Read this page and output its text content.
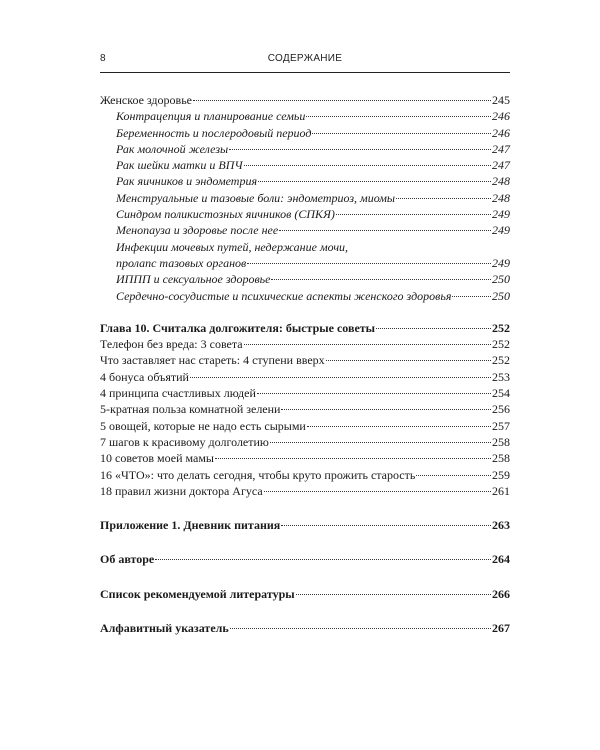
8	СОДЕРЖАНИЕ
Женское здоровье	245
Контрацепция и планирование семьи	246
Беременность и послеродовый период	246
Рак молочной железы	247
Рак шейки матки и ВПЧ	247
Рак яичников и эндометрия	248
Менструальные и тазовые боли: эндометриоз, миомы	248
Синдром поликистозных яичников (СПКЯ)	249
Менопауза и здоровье после нее	249
Инфекции мочевых путей, недержание мочи,
пролапс тазовых органов	249
ИППП и сексуальное здоровье	250
Сердечно-сосудистые и психические аспекты женского здоровья	250
Глава 10. Считалка долгожителя: быстрые советы	252
Телефон без вреда: 3 совета	252
Что заставляет нас стареть: 4 ступени вверх	252
4 бонуса объятий	253
4 принципа счастливых людей	254
5-кратная польза комнатной зелени	256
5 овощей, которые не надо есть сырыми	257
7 шагов к красивому долголетию	258
10 советов моей мамы	258
16 «ЧТО»: что делать сегодня, чтобы круто прожить старость	259
18 правил жизни доктора Агуса	261
Приложение 1. Дневник питания	263
Об авторе	264
Список рекомендуемой литературы	266
Алфавитный указатель	267
